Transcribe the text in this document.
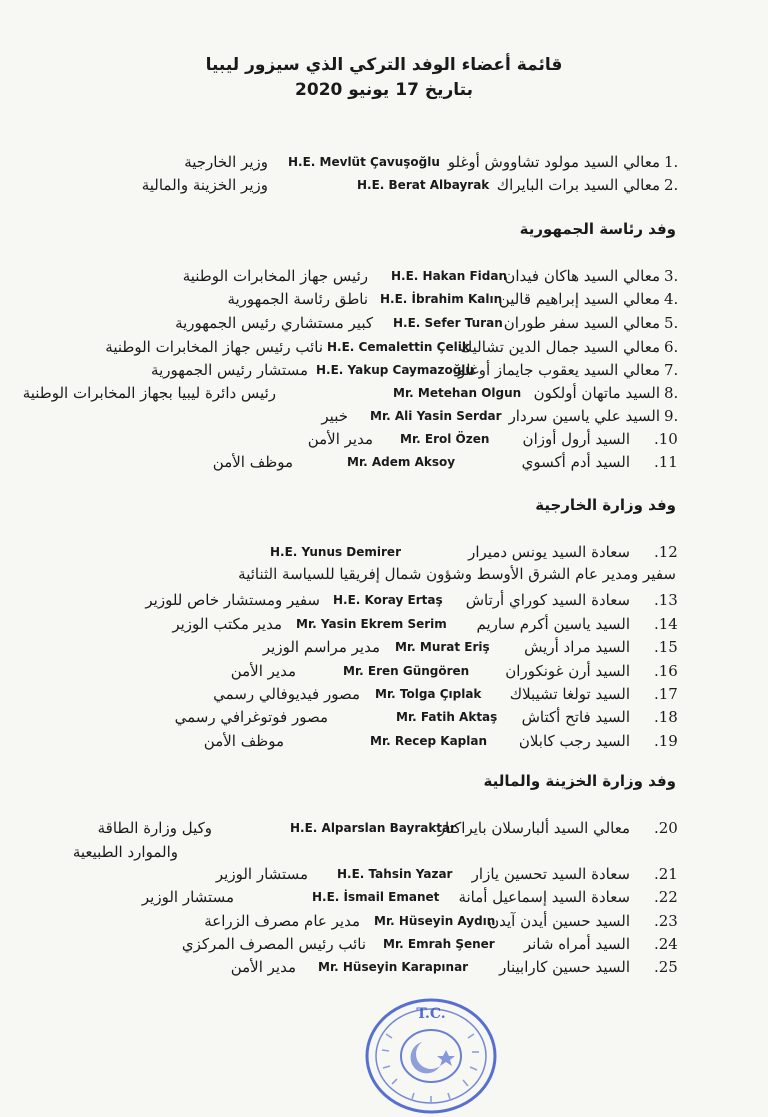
قائمة أعضاء الوفد التركي الذي سيزور ليبيا
بتاريخ 17 يونيو 2020
1.
معالي السيد مولود تشاووش أوغلو
H.E. Mevlüt Çavuşoğlu
وزير الخارجية
2.
معالي السيد برات البايراك
H.E. Berat Albayrak
وزير الخزينة والمالية
وفد رئاسة الجمهورية
3.
معالي السيد هاكان فيدان
H.E. Hakan Fidan
رئيس جهاز المخابرات الوطنية
4.
معالي السيد إبراهيم قالين
H.E. İbrahim Kalın
ناطق رئاسة الجمهورية
5.
معالي السيد سفر طوران
H.E. Sefer Turan
كبير مستشاري رئيس الجمهورية
6.
معالي السيد جمال الدين تشاليك
H.E. Cemalettin Çelik
نائب رئيس جهاز المخابرات الوطنية
7.
معالي السيد يعقوب جايماز أوغلو
H.E. Yakup Caymazoğlu
مستشار رئيس الجمهورية
8.
السيد ماتهان أولكون
Mr. Metehan Olgun
رئيس دائرة ليبيا بجهاز المخابرات الوطنية
9.
السيد علي ياسين سردار
Mr. Ali Yasin Serdar
خبير
.10
السيد أرول أوزان
Mr. Erol Özen
مدير الأمن
.11
السيد أدم أكسوي
Mr. Adem Aksoy
موظف الأمن
وفد وزارة الخارجية
.12
سعادة السيد يونس دميرار
H.E. Yunus Demirer
سفير ومدير عام الشرق الأوسط وشؤون شمال إفريقيا للسياسة الثنائية
.13
سعادة السيد كوراي أرتاش
H.E. Koray Ertaş
سفير ومستشار خاص للوزير
.14
السيد ياسين أكرم ساريم
Mr. Yasin Ekrem Serim
مدير مكتب الوزير
.15
السيد مراد أريش
Mr. Murat Eriş
مدير مراسم الوزير
.16
السيد أرن غونكوران
Mr. Eren Güngören
مدير الأمن
.17
السيد تولغا تشيبلاك
Mr. Tolga Çıplak
مصور فيديوفالي رسمي
.18
السيد فاتح أكتاش
Mr. Fatih Aktaş
مصور فوتوغرافي رسمي
.19
السيد رجب كابلان
Mr. Recep Kaplan
موظف الأمن
وفد وزارة الخزينة والمالية
.20
معالي السيد ألبارسلان بايراكتار
H.E. Alparslan Bayraktar
وكيل وزارة الطاقة
والموارد الطبيعية
.21
سعادة السيد تحسين يازار
H.E. Tahsin Yazar
مستشار الوزير
.22
سعادة السيد إسماعيل أمانة
H.E. İsmail Emanet
مستشار الوزير
.23
السيد حسين أيدن آيدن
Mr. Hüseyin Aydın
مدير عام مصرف الزراعة
.24
السيد أمراه شانر
Mr. Emrah Şener
نائب رئيس المصرف المركزي
.25
السيد حسين كارابينار
Mr. Hüseyin Karapınar
مدير الأمن
T.C.
